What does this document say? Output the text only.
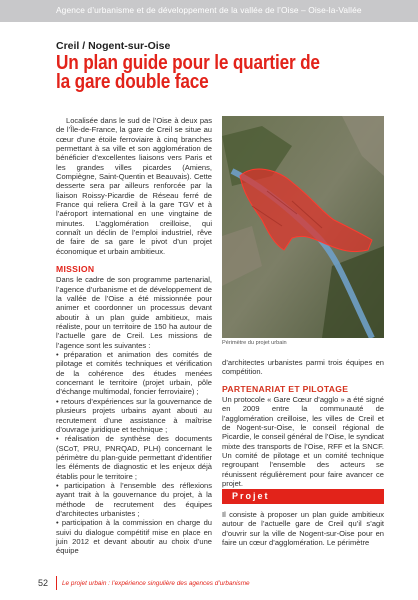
Agence d’urbanisme et de développement de la vallée de l’Oise – Oise-la-Vallée
Creil / Nogent-sur-Oise
Un plan guide pour le quartier de la gare double face

Localisée dans le sud de l’Oise à deux pas de l’Île-de-France, la gare de Creil se situe au cœur d’une étoile ferroviaire à cinq branches permettant à sa ville et son agglomération de bénéficier d’excellentes liaisons vers Paris et les grandes villes picardes (Amiens, Compiègne, Saint-Quentin et Beauvais). Cette desserte sera par ailleurs renforcée par la liaison Roissy-Picardie de Réseau ferré de France qui reliera Creil à la gare TGV et à l’aéroport international en une vingtaine de minutes. L’agglomération creilloise, qui connaît un déclin de l’emploi industriel, rêve de faire de sa gare le pivot d’un projet économique et urbain ambitieux.

MISSION

Dans le cadre de son programme partenarial, l’agence d’urbanisme et de développement de la vallée de l’Oise a été missionnée pour animer et coordonner un processus devant aboutir à un plan guide ambitieux, mais réaliste, pour un territoire de 150 ha autour de l’actuelle gare de Creil. Les missions de l’agence sont les suivantes :

• préparation et animation des comités de pilotage et comités techniques et vérification de la cohérence des études menées concernant le territoire (projet urbain, pôle d’échange multimodal, foncier ferroviaire) ;

• retours d’expériences sur la gouvernance de plusieurs projets urbains ayant abouti au recrutement d’une assistance à maîtrise d’ouvrage juridique et technique ;

• réalisation de synthèse des documents (SCoT, PRU, PNRQAD, PLH) concernant le périmètre du plan-guide permettant d’identifier les éléments de diagnostic et les enjeux déjà établis pour le territoire ;

• participation à l’ensemble des réflexions ayant trait à la gouvernance du projet, à la méthode de recrutement des équipes d’architectes urbanistes ;

• participation à la commission en charge du suivi du dialogue compétitif mise en place en juin 2012 et devant aboutir au choix d’une équipe

Périmètre du projet urbain

d’architectes urbanistes parmi trois équipes en compétition.

PARTENARIAT ET PILOTAGE

Un protocole « Gare Cœur d’agglo » a été signé en 2009 entre la communauté de l’agglomération creilloise, les villes de Creil et de Nogent-sur-Oise, le conseil régional de Picardie, le conseil général de l’Oise, le syndicat mixte des transports de l’Oise, RFF et la SNCF. Un comité de pilotage et un comité technique regroupant l’ensemble des acteurs se réunissent régulièrement pour faire avancer ce projet.

Projet

Il consiste à proposer un plan guide ambitieux autour de l’actuelle gare de Creil qu’il s’agit d’ouvrir sur la ville de Nogent-sur-Oise pour en faire un cœur d’agglomération. Le périmètre

52 Le projet urbain : l’expérience singulière des agences d’urbanisme
